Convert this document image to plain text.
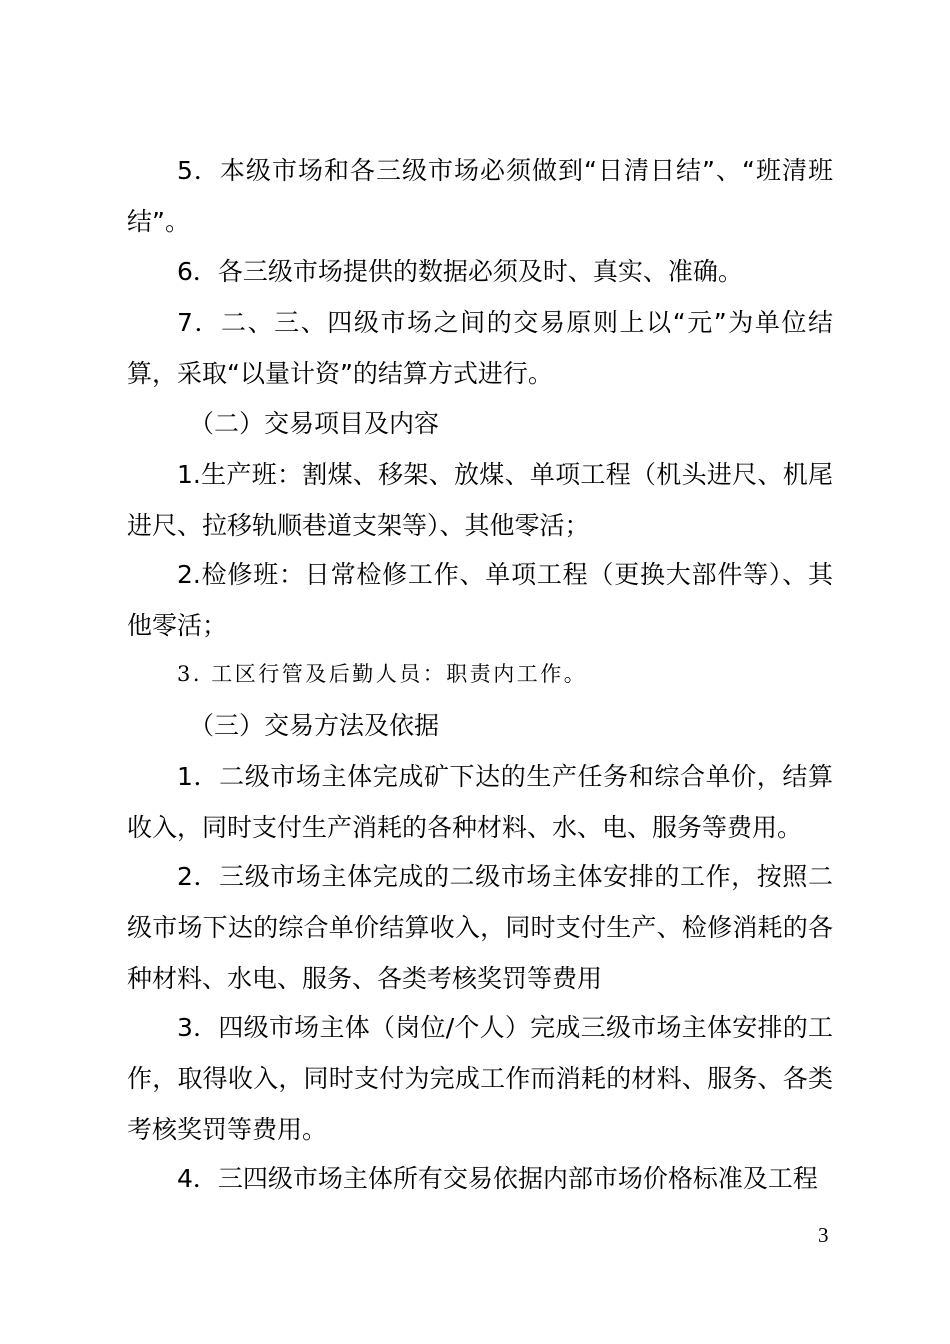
5．本级市场和各三级市场必须做到“日清日结”、“班清班结”。

6．各三级市场提供的数据必须及时、真实、准确。

7．二、三、四级市场之间的交易原则上以“元”为单位结算，采取“以量计资”的结算方式进行。

（二）交易项目及内容

1.生产班：割煤、移架、放煤、单项工程（机头进尺、机尾进尺、拉移轨顺巷道支架等）、其他零活；

2.检修班：日常检修工作、单项工程（更换大部件等）、其他零活；

3. 工区行管及后勤人员：职责内工作。

（三）交易方法及依据

1．二级市场主体完成矿下达的生产任务和综合单价，结算收入，同时支付生产消耗的各种材料、水、电、服务等费用。

2．三级市场主体完成的二级市场主体安排的工作，按照二级市场下达的综合单价结算收入，同时支付生产、检修消耗的各种材料、水电、服务、各类考核奖罚等费用

3．四级市场主体（岗位/个人）完成三级市场主体安排的工作，取得收入，同时支付为完成工作而消耗的材料、服务、各类考核奖罚等费用。

4．三四级市场主体所有交易依据内部市场价格标准及工程

3
